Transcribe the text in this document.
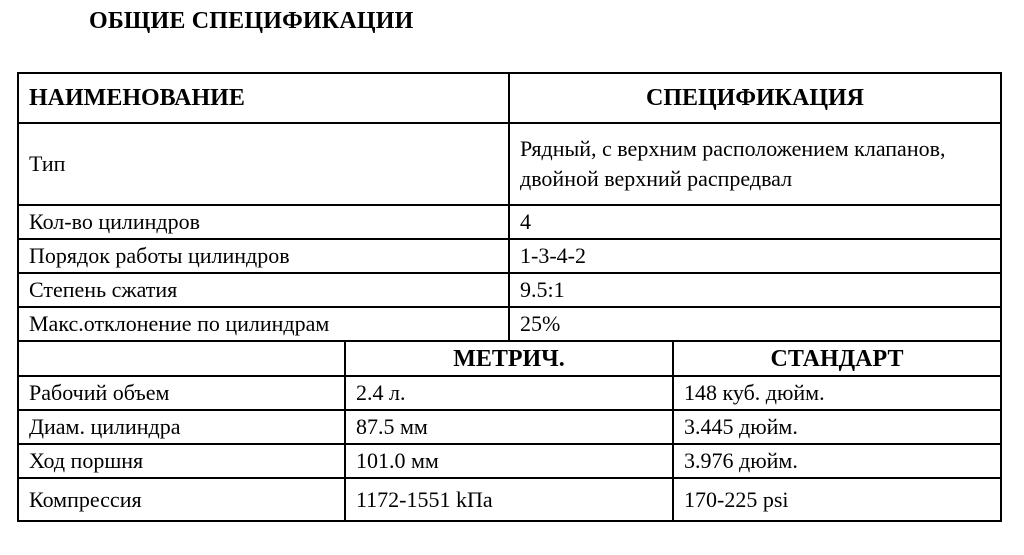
ОБЩИЕ СПЕЦИФИКАЦИИ
НАИМЕНОВАНИЕ		СПЕЦИФИКАЦИЯ	
Тип		Рядный, с верхним расположением клапанов, двойной верхний распредвал	
Кол-во цилиндров		4	
Порядок работы цилиндров		1-3-4-2	
Степень сжатия		9.5:1	
Макс.отклонение по цилиндрам		25%	
	МЕТРИЧ.		СТАНДАРТ
Рабочий объем	2.4 л.		148 куб. дюйм.
Диам. цилиндра	87.5 мм		3.445 дюйм.
Ход поршня	101.0 мм		3.976 дюйм.
Компрессия	1172-1551 kПа		170-225 psi
